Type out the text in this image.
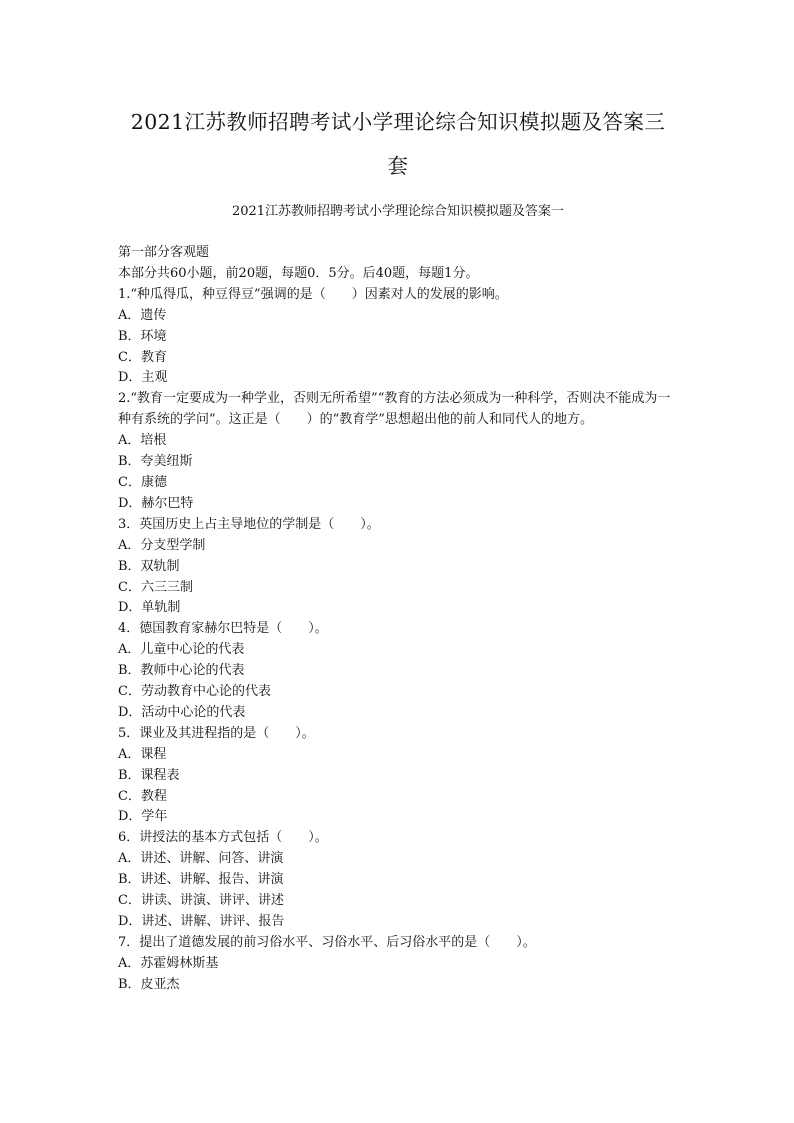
2021江苏教师招聘考试小学理论综合知识模拟题及答案三
套
2021江苏教师招聘考试小学理论综合知识模拟题及答案一
第一部分客观题
本部分共60小题，前20题，每题0．5分。后40题，每题1分。
1.“种瓜得瓜，种豆得豆”强调的是（　　）因素对人的发展的影响。
A．遗传
B．环境
C．教育
D．主观
2.“教育一定要成为一种学业，否则无所希望”“教育的方法必须成为一种科学，否则决不能成为一种有系统的学问”。这正是（　　）的“教育学”思想超出他的前人和同代人的地方。
A．培根
B．夸美纽斯
C．康德
D．赫尔巴特
3．英国历史上占主导地位的学制是（　　）。
A．分支型学制
B．双轨制
C．六三三制
D．单轨制
4．德国教育家赫尔巴特是（　　）。
A．儿童中心论的代表
B．教师中心论的代表
C．劳动教育中心论的代表
D．活动中心论的代表
5．课业及其进程指的是（　　）。
A．课程
B．课程表
C．教程
D．学年
6．讲授法的基本方式包括（　　）。
A．讲述、讲解、问答、讲演
B．讲述、讲解、报告、讲演
C．讲读、讲演、讲评、讲述
D．讲述、讲解、讲评、报告
7．提出了道德发展的前习俗水平、习俗水平、后习俗水平的是（　　）。
A．苏霍姆林斯基
B．皮亚杰
